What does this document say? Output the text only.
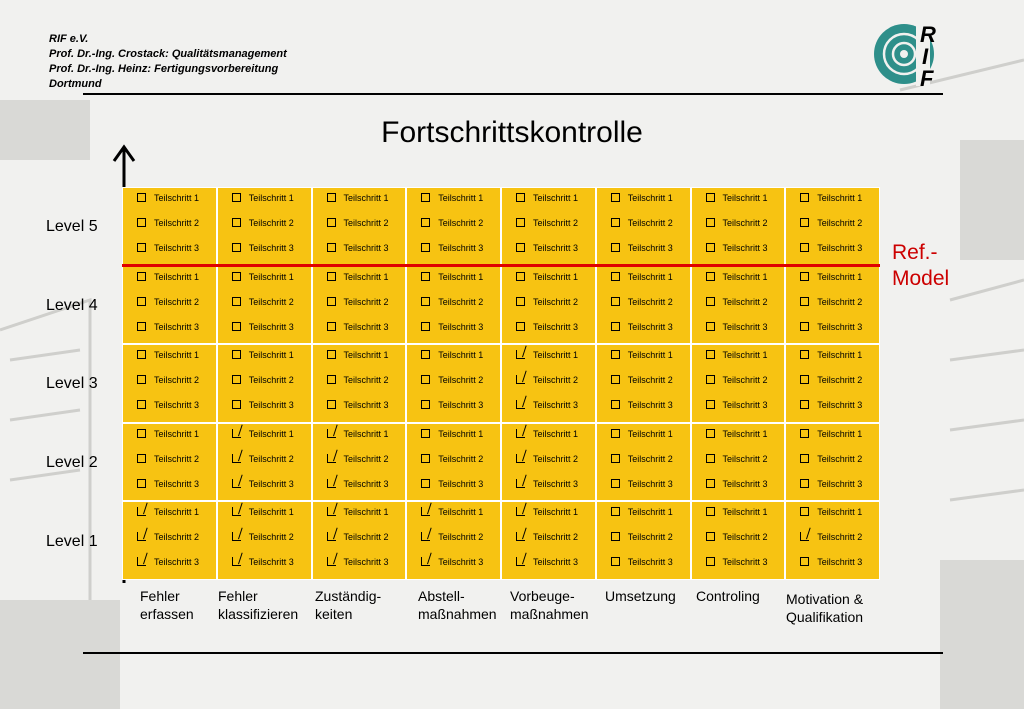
RIF e.V.
Prof. Dr.-Ing. Crostack: Qualitätsmanagement
Prof. Dr.-Ing. Heinz: Fertigungsvorbereitung
Dortmund
R
I
F
Fortschrittskontrolle
Teilschritt 1
Teilschritt 2
Teilschritt 3
Teilschritt 1
Teilschritt 2
Teilschritt 3
Teilschritt 1
Teilschritt 2
Teilschritt 3
Teilschritt 1
Teilschritt 2
Teilschritt 3
Teilschritt 1
Teilschritt 2
Teilschritt 3
Teilschritt 1
Teilschritt 2
Teilschritt 3
Teilschritt 1
Teilschritt 2
Teilschritt 3
Teilschritt 1
Teilschritt 2
Teilschritt 3
Teilschritt 1
Teilschritt 2
Teilschritt 3
Teilschritt 1
Teilschritt 2
Teilschritt 3
Teilschritt 1
Teilschritt 2
Teilschritt 3
Teilschritt 1
Teilschritt 2
Teilschritt 3
Teilschritt 1
Teilschritt 2
Teilschritt 3
Teilschritt 1
Teilschritt 2
Teilschritt 3
Teilschritt 1
Teilschritt 2
Teilschritt 3
Teilschritt 1
Teilschritt 2
Teilschritt 3
Teilschritt 1
Teilschritt 2
Teilschritt 3
Teilschritt 1
Teilschritt 2
Teilschritt 3
Teilschritt 1
Teilschritt 2
Teilschritt 3
Teilschritt 1
Teilschritt 2
Teilschritt 3
Teilschritt 1
Teilschritt 2
Teilschritt 3
Teilschritt 1
Teilschritt 2
Teilschritt 3
Teilschritt 1
Teilschritt 2
Teilschritt 3
Teilschritt 1
Teilschritt 2
Teilschritt 3
Teilschritt 1
Teilschritt 2
Teilschritt 3
Teilschritt 1
Teilschritt 2
Teilschritt 3
Teilschritt 1
Teilschritt 2
Teilschritt 3
Teilschritt 1
Teilschritt 2
Teilschritt 3
Teilschritt 1
Teilschritt 2
Teilschritt 3
Teilschritt 1
Teilschritt 2
Teilschritt 3
Teilschritt 1
Teilschritt 2
Teilschritt 3
Teilschritt 1
Teilschritt 2
Teilschritt 3
Teilschritt 1
Teilschritt 2
Teilschritt 3
Teilschritt 1
Teilschritt 2
Teilschritt 3
Teilschritt 1
Teilschritt 2
Teilschritt 3
Teilschritt 1
Teilschritt 2
Teilschritt 3
Teilschritt 1
Teilschritt 2
Teilschritt 3
Teilschritt 1
Teilschritt 2
Teilschritt 3
Teilschritt 1
Teilschritt 2
Teilschritt 3
Teilschritt 1
Teilschritt 2
Teilschritt 3
Level 5
Level 4
Level 3
Level 2
Level 1
Ref.-
Model
Fehler
erfassen
Fehler
klassifizieren
Zuständig-
keiten
Abstell-
maßnahmen
Vorbeuge-
maßnahmen
Umsetzung Controling Motivation &
Qualifikation
